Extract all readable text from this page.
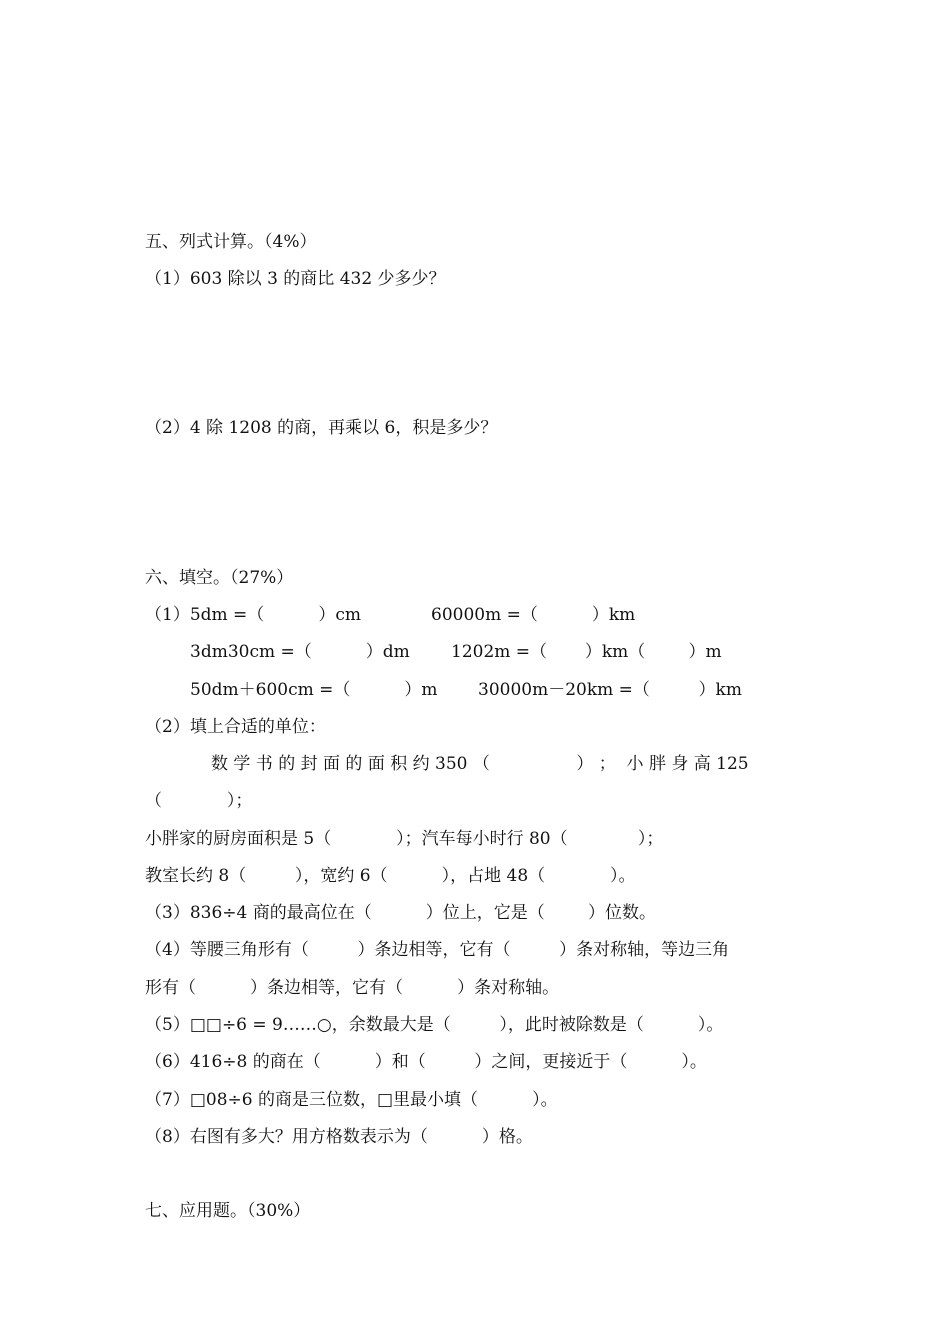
五、列式计算。（4%）
（1）603 除以 3 的商比 432 少多少？
（2）4 除 1208 的商，再乘以 6，积是多少？
六、填空。（27%）
（1）5dm =（          ）cm	60000m =（          ）km
3dm30cm =（          ）dm 1202m =（       ）km（        ）m
50dm＋600cm =（          ）m 30000m－20km =（         ）km
（2）填上合适的单位：
数 学 书 的 封 面 的 面 积 约 350 （                ） ；  小 胖 身 高 125
（            ）；
小胖家的厨房面积是 5（            ）；汽车每小时行 80（             ）；
教室长约 8（         ），宽约 6（          ），占地 48（            ）。
（3）836÷4 商的最高位在（          ）位上，它是（        ）位数。
（4）等腰三角形有（         ）条边相等，它有（         ）条对称轴，等边三角
形有（          ）条边相等，它有（          ）条对称轴。
（5）□□÷6 = 9……○，余数最大是（         ），此时被除数是（          ）。
（6）416÷8 的商在（          ）和（         ）之间，更接近于（          ）。
（7）□08÷6 的商是三位数，□里最小填（          ）。
（8）右图有多大？用方格数表示为（          ）格。
七、应用题。（30%）
